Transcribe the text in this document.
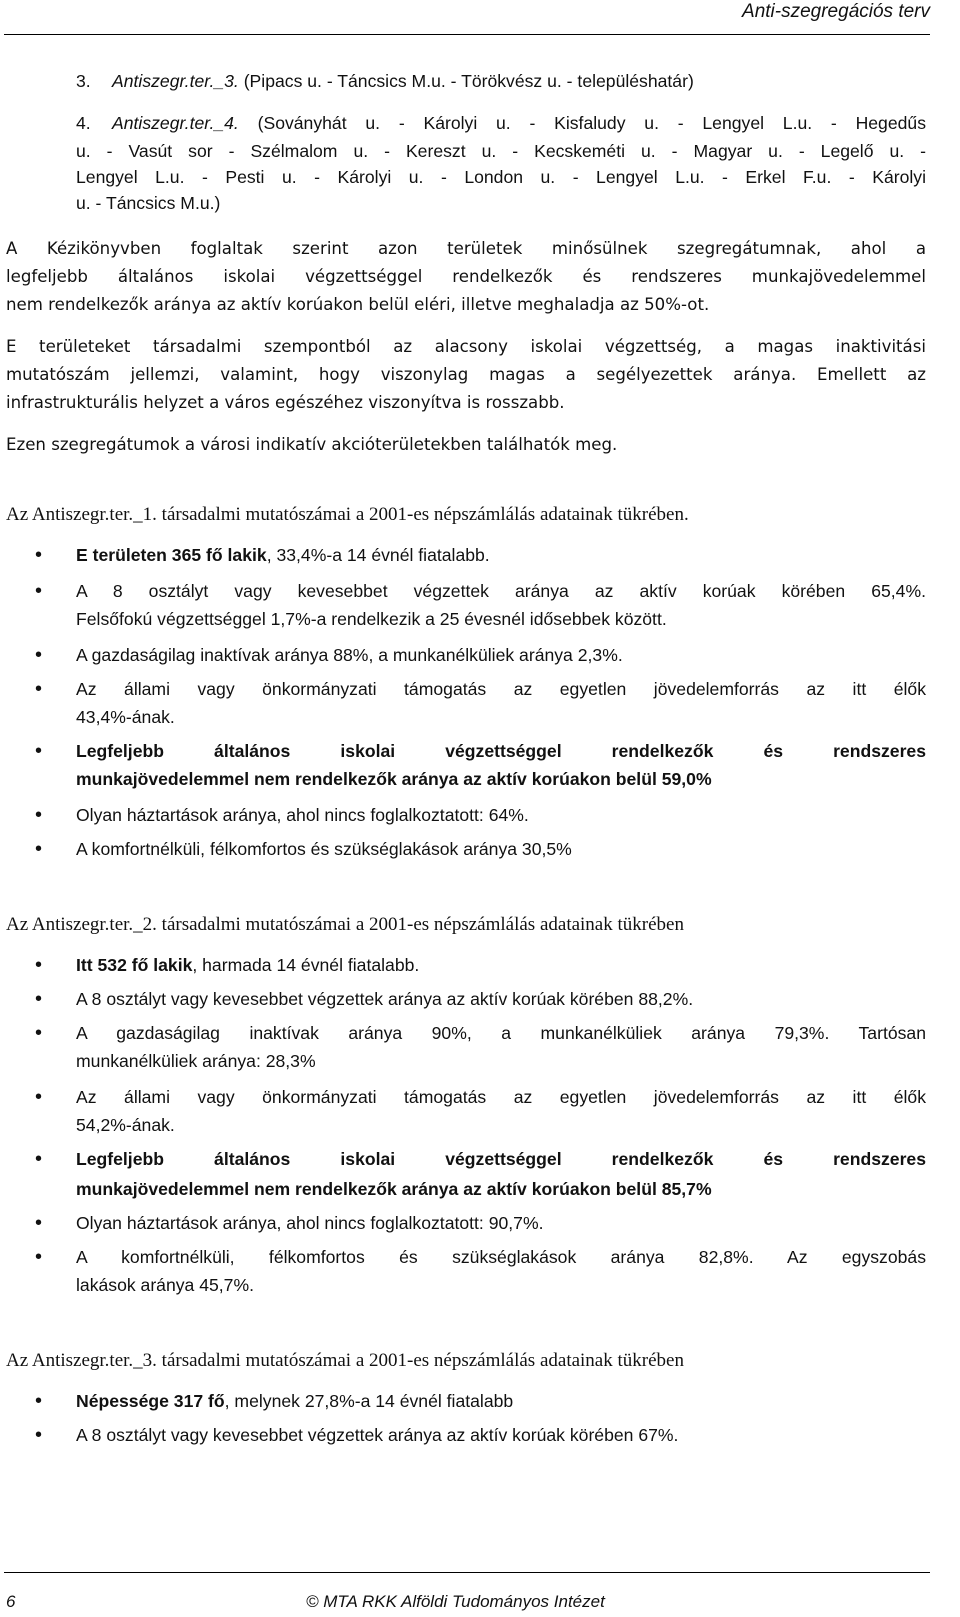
Anti-szegregációs terv
3. Antiszegr.ter._3. (Pipacs u. - Táncsics M.u. - Törökvész u. - településhatár)
4. Antiszegr.ter._4. (Soványhát u. - Károlyi u. - Kisfaludy u. - Lengyel L.u. - Hegedűs
u. - Vasút sor - Szélmalom u. - Kereszt u. - Kecskeméti u. - Magyar u. - Legelő u. -
Lengyel L.u. - Pesti u. - Károlyi u. - London u. - Lengyel L.u. - Erkel F.u. - Károlyi
u. - Táncsics M.u.)
A Kézikönyvben foglaltak szerint azon területek minősülnek szegregátumnak, ahol a
legfeljebb általános iskolai végzettséggel rendelkezők és rendszeres munkajövedelemmel
nem rendelkezők aránya az aktív korúakon belül eléri, illetve meghaladja az 50%-ot.
E területeket társadalmi szempontból az alacsony iskolai végzettség, a magas inaktivitási
mutatószám jellemzi, valamint, hogy viszonylag magas a segélyezettek aránya. Emellett az
infrastrukturális helyzet a város egészéhez viszonyítva is rosszabb.
Ezen szegregátumok a városi indikatív akcióterületekben találhatók meg.
Az Antiszegr.ter._1. társadalmi mutatószámai a 2001-es népszámlálás adatainak tükrében.
• E területen 365 fő lakik, 33,4%-a 14 évnél fiatalabb.
• A 8 osztályt vagy kevesebbet végzettek aránya az aktív korúak körében 65,4%.
Felsőfokú végzettséggel 1,7%-a rendelkezik a 25 évesnél idősebbek között.
• A gazdaságilag inaktívak aránya 88%, a munkanélküliek aránya 2,3%.
• Az állami vagy önkormányzati támogatás az egyetlen jövedelemforrás az itt élők
43,4%-ának.
• Legfeljebb általános iskolai végzettséggel rendelkezők és rendszeres
munkajövedelemmel nem rendelkezők aránya az aktív korúakon belül 59,0%
• Olyan háztartások aránya, ahol nincs foglalkoztatott: 64%.
• A komfortnélküli, félkomfortos és szükséglakások aránya 30,5%
Az Antiszegr.ter._2. társadalmi mutatószámai a 2001-es népszámlálás adatainak tükrében
• Itt 532 fő lakik, harmada 14 évnél fiatalabb.
• A 8 osztályt vagy kevesebbet végzettek aránya az aktív korúak körében 88,2%.
• A gazdaságilag inaktívak aránya 90%, a munkanélküliek aránya 79,3%. Tartósan
munkanélküliek aránya: 28,3%
• Az állami vagy önkormányzati támogatás az egyetlen jövedelemforrás az itt élők
54,2%-ának.
• Legfeljebb általános iskolai végzettséggel rendelkezők és rendszeres
munkajövedelemmel nem rendelkezők aránya az aktív korúakon belül 85,7%
• Olyan háztartások aránya, ahol nincs foglalkoztatott: 90,7%.
• A komfortnélküli, félkomfortos és szükséglakások aránya 82,8%. Az egyszobás
lakások aránya 45,7%.
Az Antiszegr.ter._3. társadalmi mutatószámai a 2001-es népszámlálás adatainak tükrében
• Népessége 317 fő, melynek 27,8%-a 14 évnél fiatalabb
• A 8 osztályt vagy kevesebbet végzettek aránya az aktív korúak körében 67%.
6	© MTA RKK Alföldi Tudományos Intézet
